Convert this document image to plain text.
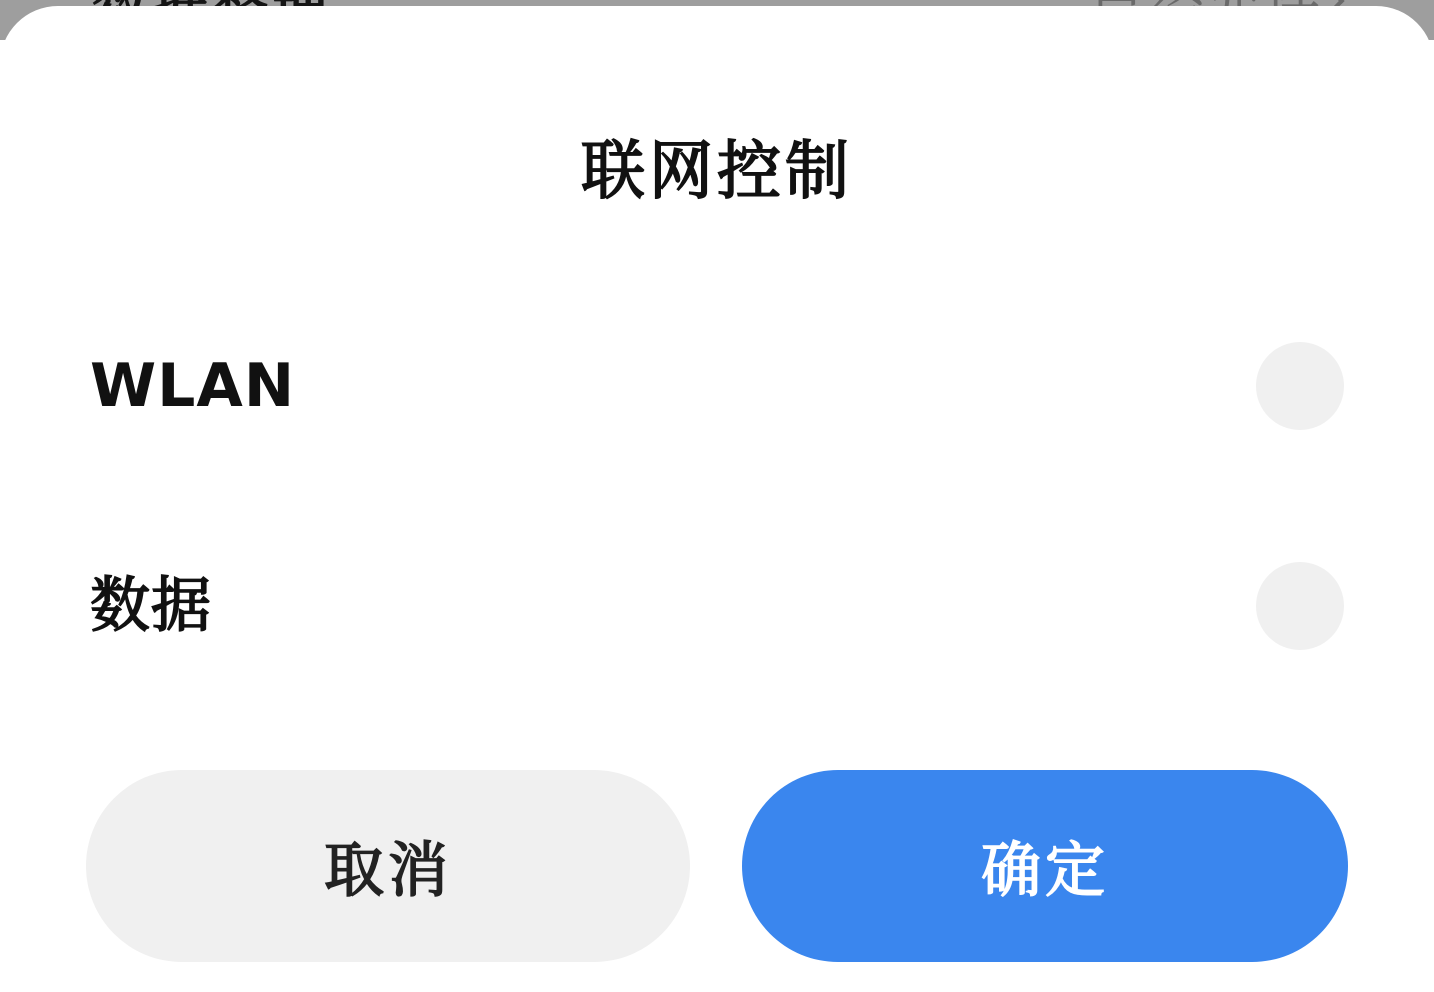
联网控制
WLAN
数据
取消	确定
